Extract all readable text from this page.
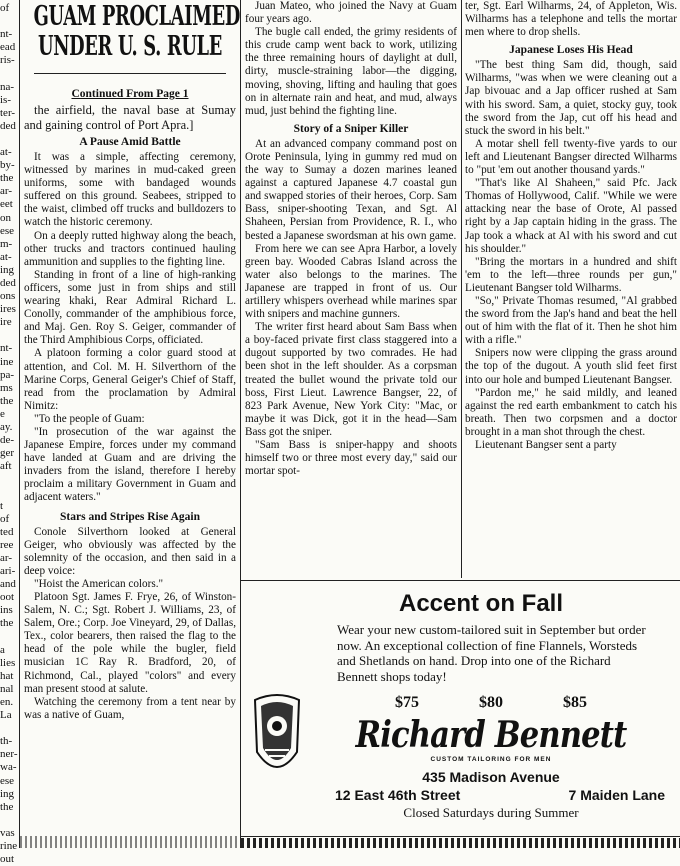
of

nt-
ead
ris-

na-
is-
ter-
ded

at-
by-
the
ar-
eet
on
ese
m-
at-
ing
ded
ons
ires
ire

nt-
ine
pa-
ms
the
e
ay.
de-
ger
aft

t
of
ted
ree
ar-
ari-
and
oot
ins
the

a
lies
hat
nal
en.
La

th-
ner-
wa-
ese
ing
the

vas
rine
out
GUAM PROCLAIMED
UNDER U. S. RULE
Continued From Page 1

the airfield, the naval base at Sumay and gaining control of Port Apra.]

A Pause Amid Battle

It was a simple, affecting ceremony, witnessed by marines in mud-caked green uniforms, some with bandaged wounds suffered on this ground. Seabees, stripped to the waist, climbed off trucks and bulldozers to watch the historic ceremony.

On a deeply rutted highway along the beach, other trucks and tractors continued hauling ammunition and supplies to the fighting line.

Standing in front of a line of high-ranking officers, some just in from ships and still wearing khaki, Rear Admiral Richard L. Conolly, commander of the amphibious force, and Maj. Gen. Roy S. Geiger, commander of the Third Amphibious Corps, officiated.

A platoon forming a color guard stood at attention, and Col. M. H. Silverthorn of the Marine Corps, General Geiger's Chief of Staff, read from the proclamation by Admiral Nimitz:

"To the people of Guam:

"In prosecution of the war against the Japanese Empire, forces under my command have landed at Guam and are driving the invaders from the island, therefore I hereby proclaim a military Government in Guam and adjacent waters."

Stars and Stripes Rise Again

Conole Silverthorn looked at General Geiger, who obviously was affected by the solemnity of the occasion, and then said in a deep voice:

"Hoist the American colors."

Platoon Sgt. James F. Frye, 26, of Winston-Salem, N. C.; Sgt. Robert J. Williams, 23, of Salem, Ore.; Corp. Joe Vineyard, 29, of Dallas, Tex., color bearers, then raised the flag to the head of the pole while the bugler, field musician 1C Ray R. Bradford, 20, of Richmond, Cal., played "colors" and every man present stood at salute.

Watching the ceremony from a tent near by was a native of Guam,

Juan Mateo, who joined the Navy at Guam four years ago.

The bugle call ended, the grimy residents of this crude camp went back to work, utilizing the three remaining hours of daylight at dull, dirty, muscle-straining labor—the digging, moving, shoving, lifting and hauling that goes on in alternate rain and heat, and mud, always mud, just behind the fighting line.

Story of a Sniper Killer

At an advanced company command post on Orote Peninsula, lying in gummy red mud on the way to Sumay a dozen marines leaned against a captured Japanese 4.7 coastal gun and swapped stories of their heroes, Corp. Sam Bass, sniper-shooting Texan, and Sgt. Al Shaheen, Persian from Providence, R. I., who bested a Japanese swordsman at his own game.

From here we can see Apra Harbor, a lovely green bay. Wooded Cabras Island across the water also belongs to the marines. The Japanese are trapped in front of us. Our artillery whispers overhead while marines spar with snipers and machine gunners.

The writer first heard about Sam Bass when a boy-faced private first class staggered into a dugout supported by two comrades. He had been shot in the left shoulder. As a corpsman treated the bullet wound the private told our boss, First Lieut. Lawrence Bangser, 22, of 823 Park Avenue, New York City: "Mac, or maybe it was Dick, got it in the head—Sam Bass got the sniper.

"Sam Bass is sniper-happy and shoots himself two or three most every day," said our mortar spot-

ter, Sgt. Earl Wilharms, 24, of Appleton, Wis. Wilharms has a telephone and tells the mortar men where to drop shells.

Japanese Loses His Head

"The best thing Sam did, though, said Wilharms, "was when we were cleaning out a Jap bivouac and a Jap officer rushed at Sam with his sword. Sam, a quiet, stocky guy, took the sword from the Jap, cut off his head and stuck the sword in his belt."

A motar shell fell twenty-five yards to our left and Lieutenant Bangser directed Wilharms to "put 'em out another thousand yards."

"That's like Al Shaheen," said Pfc. Jack Thomas of Hollywood, Calif. "While we were attacking near the base of Orote, Al passed right by a Jap captain hiding in the grass. The Jap took a whack at Al with his sword and cut his shoulder."

"Bring the mortars in a hundred and shift 'em to the left—three rounds per gun," Lieutenant Bangser told Wilharms.

"So," Private Thomas resumed, "Al grabbed the sword from the Jap's hand and beat the hell out of him with the flat of it. Then he shot him with a rifle."

Snipers now were clipping the grass around the top of the dugout. A youth slid feet first into our hole and bumped Lieutenant Bangser.

"Pardon me," he said mildly, and leaned against the red earth embankment to catch his breath. Then two corpsmen and a doctor brought in a man shot through the chest.

Lieutenant Bangser sent a party

Accent on Fall

Wear your new custom-tailored suit in September but order now. An exceptional collection of fine Flannels, Worsteds and Shetlands on hand. Drop into one of the Richard Bennett shops today!

$75	$80	$85
Richard Bennett
CUSTOM TAILORING FOR MEN
435 Madison Avenue
12 East 46th Street	7 Maiden Lane
Closed Saturdays during Summer
